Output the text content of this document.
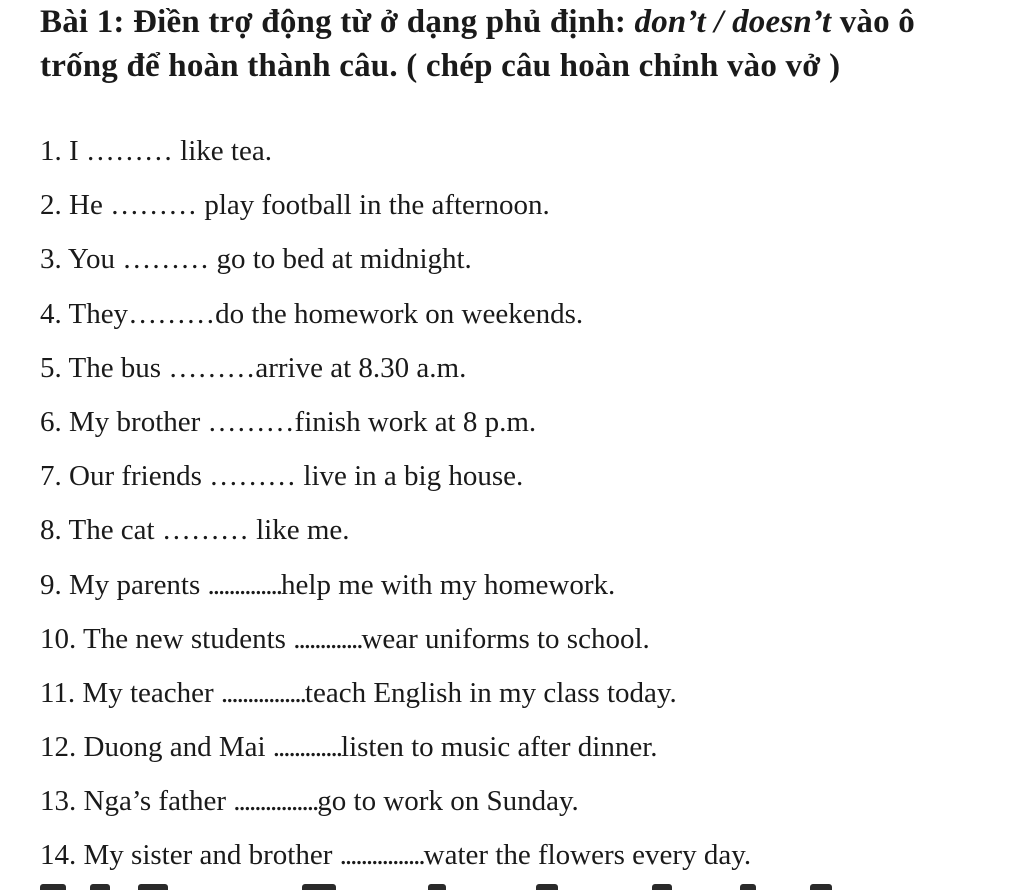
Bài 1: Điền trợ động từ ở dạng phủ định: don’t / doesn’t vào ô trống để hoàn thành câu. ( chép câu hoàn chỉnh vào vở )
1. I ……… like tea.
2. He ……… play football in the afternoon.
3. You ……… go to bed at midnight.
4. They………do the homework on weekends.
5. The bus ………arrive at 8.30 a.m.
6. My brother ………finish work at 8 p.m.
7. Our friends ……… live in a big house.
8. The cat ……… like me.
9. My parents ..............help me with my homework.
10. The new students .............wear uniforms to school.
11. My teacher ................teach English in my class today.
12. Duong and Mai .............listen to music after dinner.
13. Nga’s father ................go to work on Sunday.
14. My sister and brother ................water the flowers every day.
